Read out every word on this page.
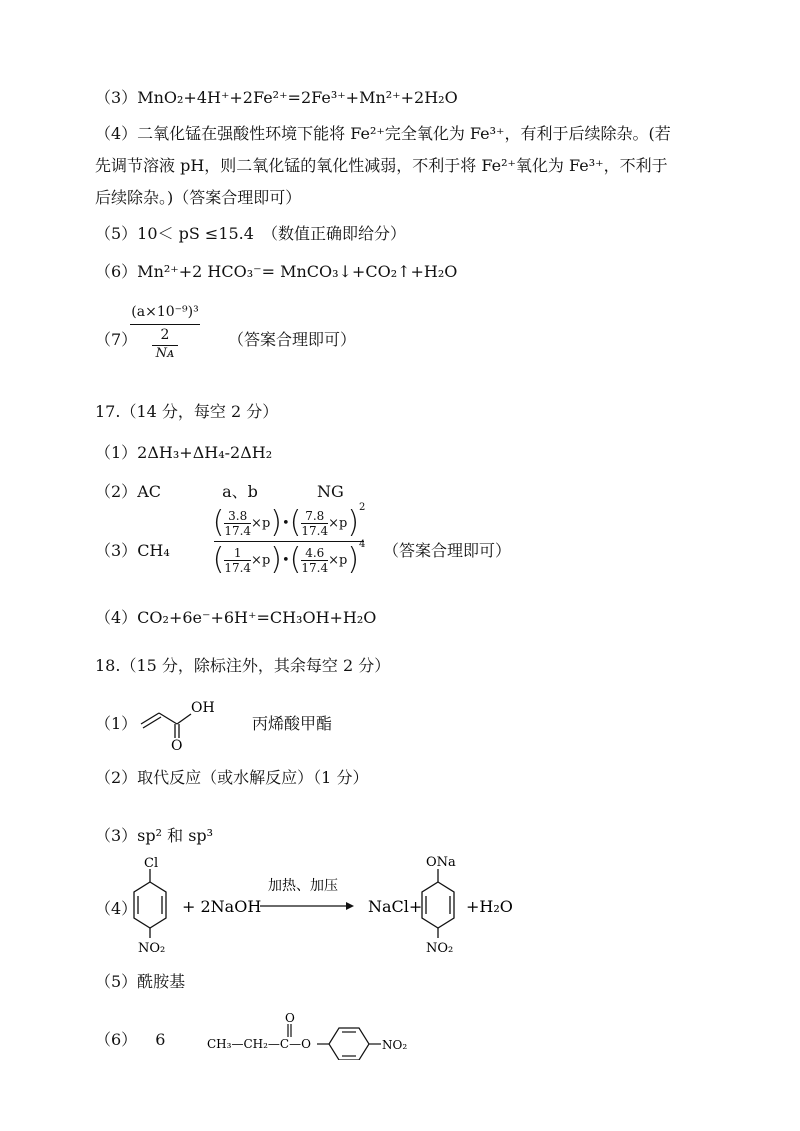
（3）MnO₂+4H⁺+2Fe²⁺=2Fe³⁺+Mn²⁺+2H₂O
（4）二氧化锰在强酸性环境下能将 Fe²⁺完全氧化为 Fe³⁺，有利于后续除杂。(若
先调节溶液 pH，则二氧化锰的氧化性减弱，不利于将 Fe²⁺氧化为 Fe³⁺，不利于
后续除杂。)（答案合理即可）
（5）10＜ pS ≤15.4　（数值正确即给分）
（6）Mn²⁺+2 HCO₃⁻= MnCO₃↓+CO₂↑+H₂O
（7）
(a×10⁻⁹)³
2
Nᴀ
（答案合理即可）
17.（14 分，每空 2 分）
（1）2ΔH₃+ΔH₄-2ΔH₂
（2）AC	a、b	NG
$(3)CH_4 \frac{( \frac{3.8}{17.4} \times p ) • ( \frac{7.8}{17.4} \times p ) 2}{( \frac{1}{17.4} \times p ) • ( \frac{4.6}{17.4} \times p ) 4}$ （答案合理即可）
（4）CO₂+6e⁻+6H⁺=CH₃OH+H₂O
18.（15 分，除标注外，其余每空 2 分）
（1）
OH
O
丙烯酸甲酯
（2）取代反应（或水解反应）（1 分）
（3）sp² 和 sp³
（4）
Cl
NO₂
+ 2NaOH
加热、加压
NaCl+
ONa
NO₂
+H₂O
（5）酰胺基
（6） 6	CH₃—CH₂—C—O
O
NO₂
